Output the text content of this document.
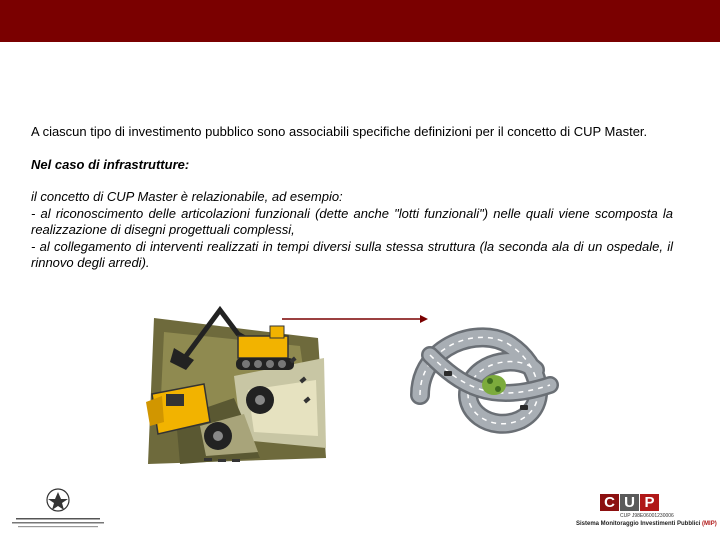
A ciascun tipo di investimento pubblico sono associabili specifiche definizioni per il concetto di CUP Master.

Nel caso di infrastrutture:

il concetto di CUP Master è relazionabile, ad esempio:

- al riconoscimento delle articolazioni funzionali (dette anche "lotti funzionali") nelle quali viene scomposta la realizzazione di disegni progettuali complessi,

- al collegamento di interventi realizzati in tempi diversi sulla stessa struttura (la seconda ala di un ospedale, il rinnovo degli arredi).

C U P
CUP J98E06001230006
Sistema Monitoraggio Investimenti Pubblici (MIP)
